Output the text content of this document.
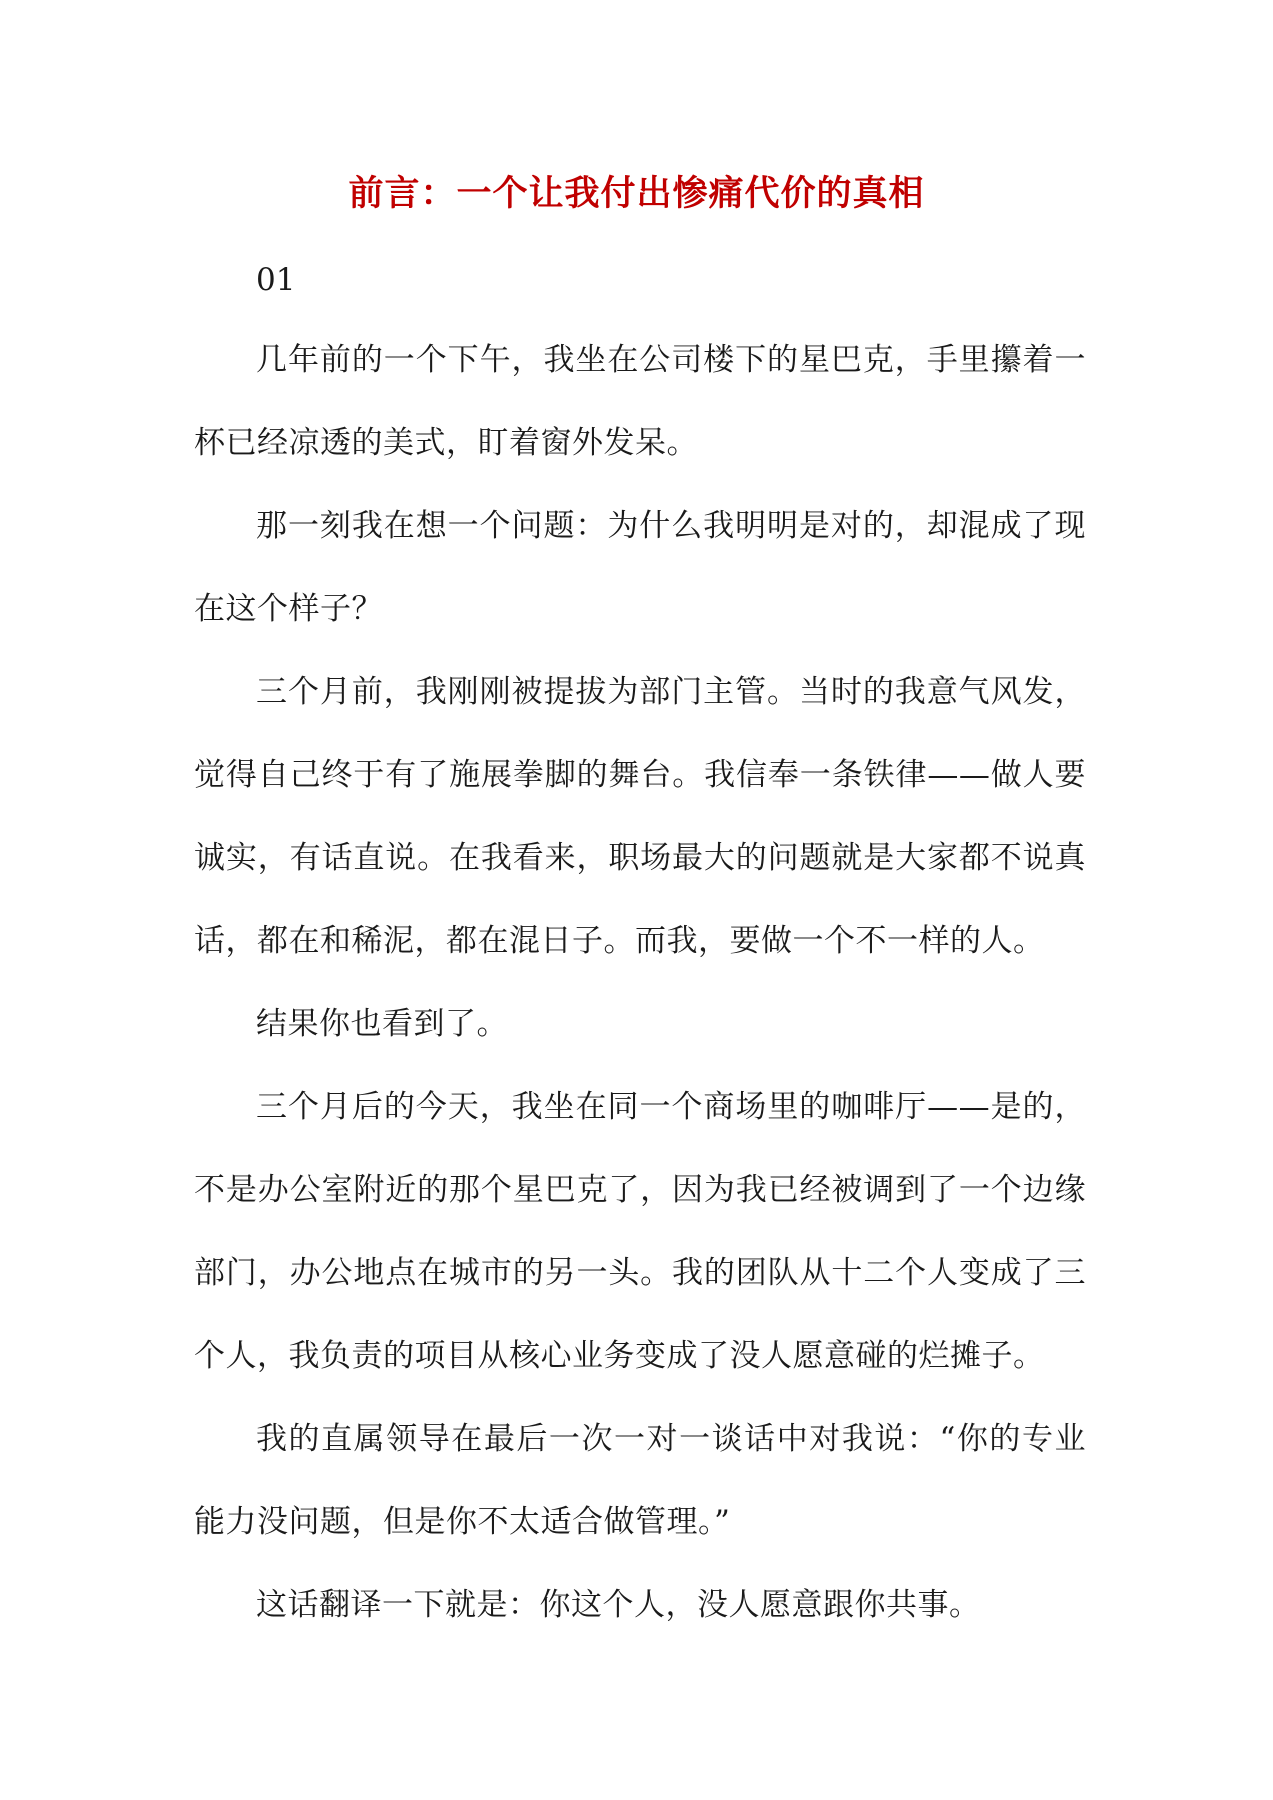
前言：一个让我付出惨痛代价的真相
01

几年前的一个下午，我坐在公司楼下的星巴克，手里攥着一杯已经凉透的美式，盯着窗外发呆。

那一刻我在想一个问题：为什么我明明是对的，却混成了现在这个样子？

三个月前，我刚刚被提拔为部门主管。当时的我意气风发，觉得自己终于有了施展拳脚的舞台。我信奉一条铁律——做人要诚实，有话直说。在我看来，职场最大的问题就是大家都不说真话，都在和稀泥，都在混日子。而我，要做一个不一样的人。

结果你也看到了。

三个月后的今天，我坐在同一个商场里的咖啡厅——是的，不是办公室附近的那个星巴克了，因为我已经被调到了一个边缘部门，办公地点在城市的另一头。我的团队从十二个人变成了三个人，我负责的项目从核心业务变成了没人愿意碰的烂摊子。

我的直属领导在最后一次一对一谈话中对我说：“你的专业能力没问题，但是你不太适合做管理。”

这话翻译一下就是：你这个人，没人愿意跟你共事。
